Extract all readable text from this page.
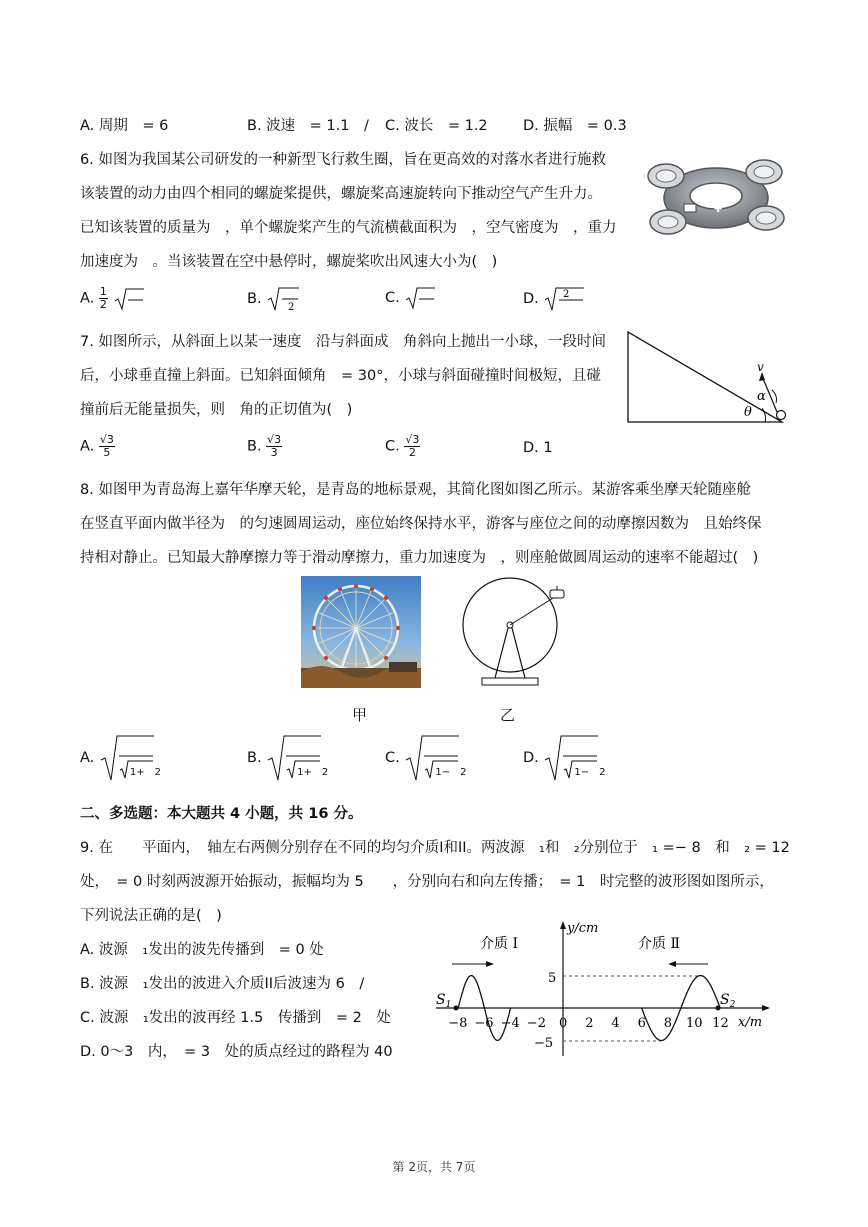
A. 周期　= 6	B. 波速　= 1.1　/ C. 波长　= 1.2 D. 振幅　= 0.3
6. 如图为我国某公司研发的一种新型飞行救生圈，旨在更高效的对落水者进行施救
该装置的动力由四个相同的螺旋桨提供，螺旋桨高速旋转向下推动空气产生升力。
已知该装置的质量为　，单个螺旋桨产生的气流横截面积为　，空气密度为　，重力
加速度为　。当该装置在空中悬停时，螺旋桨吹出风速大小为(　)
✚
A. $\frac{1}{2}$
	B.
2
C.	D. 2
7. 如图所示，从斜面上以某一速度　沿与斜面成　角斜向上抛出一小球，一段时间
后，小球垂直撞上斜面。已知斜面倾角　= 30°，小球与斜面碰撞时间极短，且碰
撞前后无能量损失，则　角的正切值为(　)
v
α
θ
A. $\frac{√3}{5}$	B. $\frac{√3}{3}$	C. $\frac{√3}{2}$	D. 1
8. 如图甲为青岛海上嘉年华摩天轮，是青岛的地标景观，其简化图如图乙所示。某游客乘坐摩天轮随座舱
在竖直平面内做半径为　的匀速圆周运动，座位始终保持水平，游客与座位之间的动摩擦因数为　且始终保
持相对静止。已知最大静摩擦力等于滑动摩擦力，重力加速度为　，则座舱做圆周运动的速率不能超过(　)
甲	乙
A.
1+　2
B.
1+　2
C.
1−　2
D.
1−　2
二、多选题：本大题共 4 小题，共 16 分。
9. 在　　平面内，　轴左右两侧分别存在不同的均匀介质I和II。两波源　₁和　₂分别位于　₁ =− 8　和　₂ = 12
处，　= 0 时刻两波源开始振动，振幅均为 5　　，分别向右和向左传播；　= 1　时完整的波形图如图所示，
下列说法正确的是(　)
A. 波源　₁发出的波先传播到　= 0 处
B. 波源　₁发出的波进入介质II后波速为 6　/
C. 波源　₁发出的波再经 1.5　传播到　= 2　处
D. 0～3　内，　= 3　处的质点经过的路程为 40
y/cm
x/m
5
−5
介质 I	介质 Ⅱ
$S_1$	$S_2$
−8 −6 −4 −2 0 2 4 6 8 10 12
第 2页，共 7页
